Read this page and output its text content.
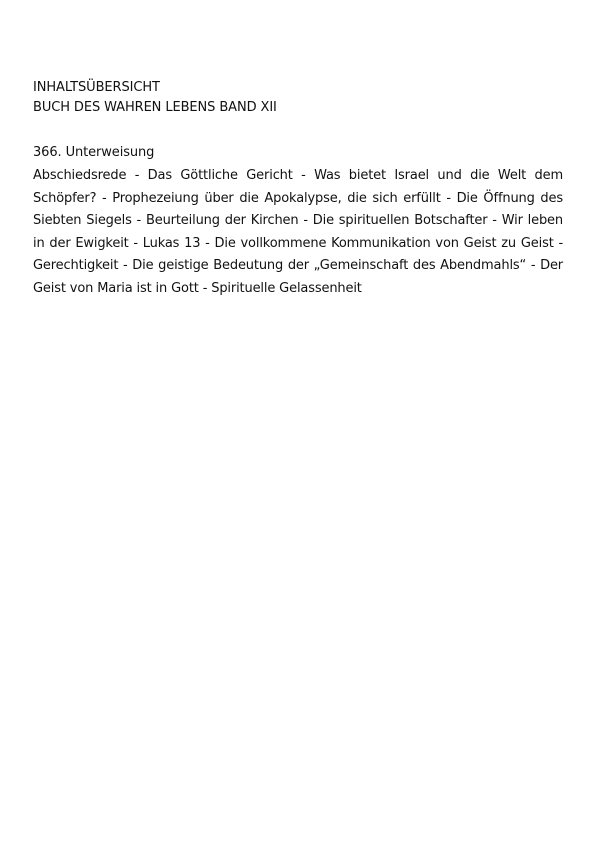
INHALTSÜBERSICHT
BUCH DES WAHREN LEBENS BAND XII
366. Unterweisung
Abschiedsrede - Das Göttliche Gericht - Was bietet Israel und die Welt dem Schöpfer? - Prophezeiung über die Apokalypse, die sich erfüllt - Die Öffnung des Siebten Siegels - Beurteilung der Kirchen - Die spirituellen Botschafter - Wir leben in der Ewigkeit - Lukas 13 - Die vollkommene Kommunikation von Geist zu Geist - Gerechtigkeit - Die geistige Bedeutung der „Gemeinschaft des Abendmahls“ - Der Geist von Maria ist in Gott - Spirituelle Gelassenheit
